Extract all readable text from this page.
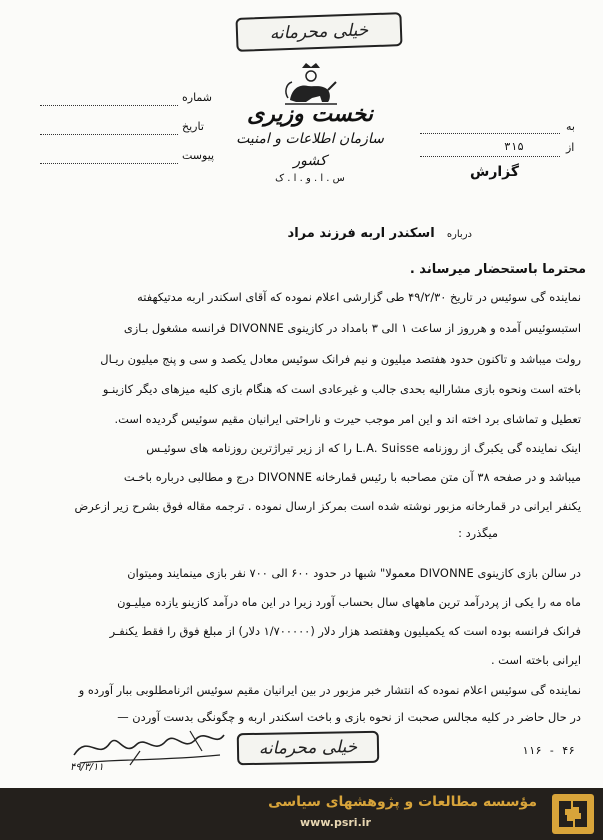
خیلی محرمانه
نخست وزیری
سازمان اطلاعات و امنیت کشور
س . ا . و . ا . ک
شماره
تاریخ
پیوست
به
از
۳۱۵
گزارش
درباره اسکندر اربه فرزند مراد
محترما باستحضار میرساند .
نماینده گی سوئیس در تاریخ ۴۹/۲/۳۰ طی گزارشی اعلام نموده که آقای اسکندر اربه مدتیکهفته
استبسوئیس آمده و هرروز از ساعت ۱ الی ۳ بامداد در کازینوی DIVONNE فرانسه مشغول بـازی
رولت میباشد و تاکنون حدود هفتصد میلیون و نیم فرانک سوئیس معادل یکصد و سی و پنج میلیون ریـال
باخته است ونحوه بازی مشارالیه بحدی جالب و غیرعادی است که هنگام بازی کلیه میزهای دیگر کازینـو
تعطیل و تماشای برد اخته اند و این امر موجب حیرت و ناراحتی ایرانیان مقیم سوئیس گردیده است.
اینک نماینده گی یکبرگ از روزنامه L.A. Suisse را که از زیر تیراژترین روزنامه های سوئیـس
میباشد و در صفحه ۳۸ آن متن مصاحبه با رئیس قمارخانه DIVONNE درج و مطالبی درباره باخـت
یکنفر ایرانی در قمارخانه مزبور نوشته شده است بمرکز ارسال نموده . ترجمه مقاله فوق بشرح زیر ازعرض
میگذرد :
در سالن بازی کازینوی DIVONNE معمولا" شبها در حدود ۶۰۰ الی ۷۰۰ نفر بازی مینمایند ومیتوان
ماه مه را یکی از پردرآمد ترین ماههای سال بحساب آورد زیرا در این ماه درآمد کازینو یازده میلیـون
فرانک فرانسه بوده است که یکمیلیون وهفتصد هزار دلار (۱/۷۰۰۰۰۰ دلار) از مبلغ فوق را فقط یکنفـر
ایرانی باخته است .
نماینده گی سوئیس اعلام نموده که انتشار خبر مزبور در بین ایرانیان مقیم سوئیس اثرنامطلوبی ببار آورده و
در حال حاضر در کلیه مجالس صحبت از نحوه بازی و باخت اسکندر اربه و چگونگی بدست آوردن —
۴۹/۳/۱۱
خیلی محرمانه	۱۱۶ - ۴۶
مؤسسه مطالعات و پژوهشهای سیاسی
www.psri.ir
